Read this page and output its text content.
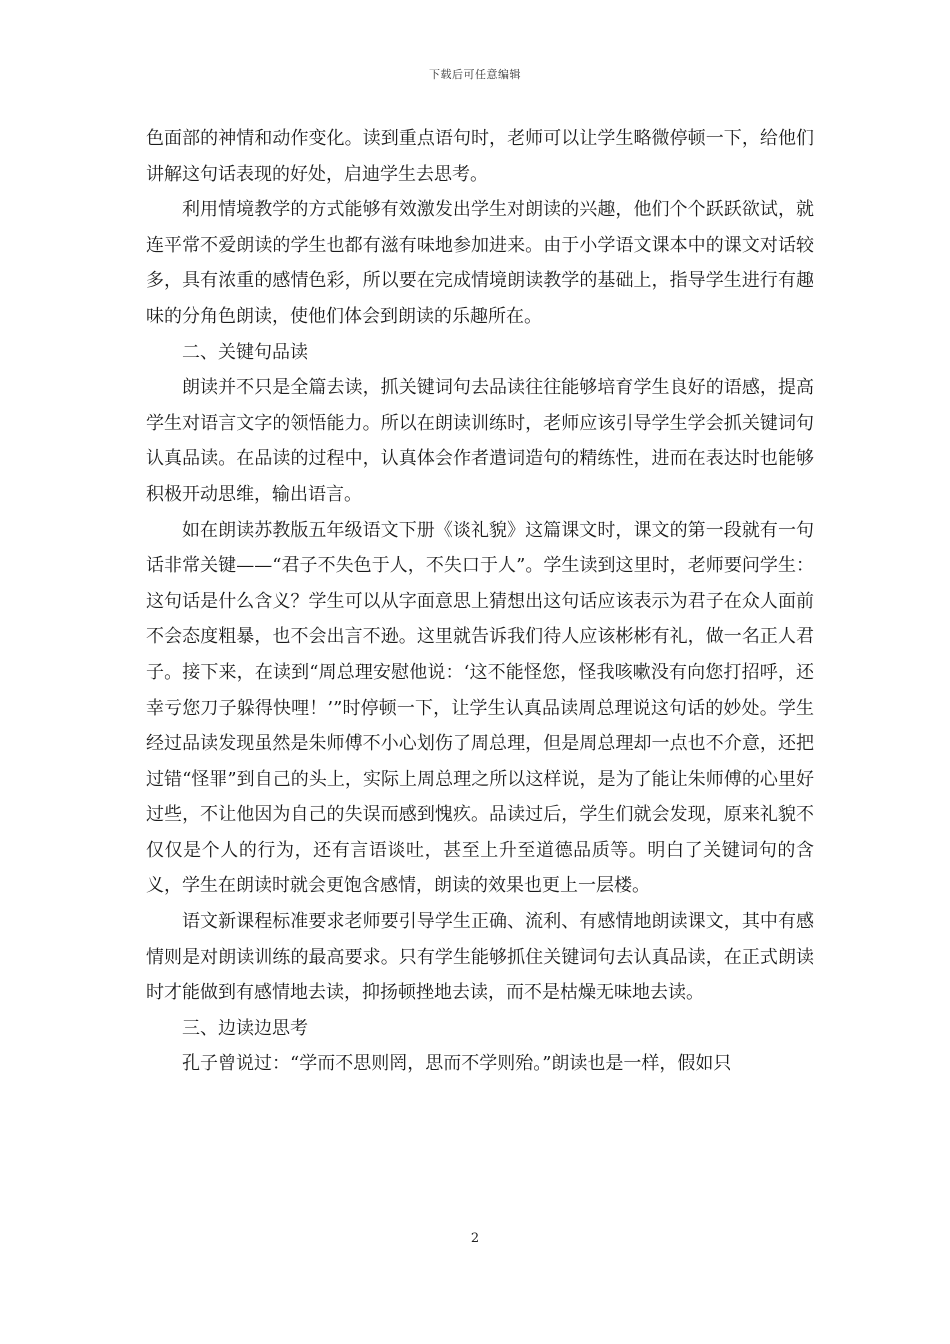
下载后可任意编辑

色面部的神情和动作变化。读到重点语句时，老师可以让学生略微停顿一下，给他们讲解这句话表现的好处，启迪学生去思考。

利用情境教学的方式能够有效激发出学生对朗读的兴趣，他们个个跃跃欲试，就连平常不爱朗读的学生也都有滋有味地参加进来。由于小学语文课本中的课文对话较多，具有浓重的感情色彩，所以要在完成情境朗读教学的基础上，指导学生进行有趣味的分角色朗读，使他们体会到朗读的乐趣所在。

二、关键句品读

朗读并不只是全篇去读，抓关键词句去品读往往能够培育学生良好的语感，提高学生对语言文字的领悟能力。所以在朗读训练时，老师应该引导学生学会抓关键词句认真品读。在品读的过程中，认真体会作者遣词造句的精练性，进而在表达时也能够积极开动思维，输出语言。

如在朗读苏教版五年级语文下册《谈礼貌》这篇课文时，课文的第一段就有一句话非常关键——“君子不失色于人，不失口于人”。学生读到这里时，老师要问学生：这句话是什么含义？学生可以从字面意思上猜想出这句话应该表示为君子在众人面前不会态度粗暴，也不会出言不逊。这里就告诉我们待人应该彬彬有礼，做一名正人君子。接下来，在读到“周总理安慰他说：‘这不能怪您，怪我咳嗽没有向您打招呼，还幸亏您刀子躲得快哩！’”时停顿一下，让学生认真品读周总理说这句话的妙处。学生经过品读发现虽然是朱师傅不小心划伤了周总理，但是周总理却一点也不介意，还把过错“怪罪”到自己的头上，实际上周总理之所以这样说，是为了能让朱师傅的心里好过些，不让他因为自己的失误而感到愧疚。品读过后，学生们就会发现，原来礼貌不仅仅是个人的行为，还有言语谈吐，甚至上升至道德品质等。明白了关键词句的含义，学生在朗读时就会更饱含感情，朗读的效果也更上一层楼。

语文新课程标准要求老师要引导学生正确、流利、有感情地朗读课文，其中有感情则是对朗读训练的最高要求。只有学生能够抓住关键词句去认真品读，在正式朗读时才能做到有感情地去读，抑扬顿挫地去读，而不是枯燥无味地去读。

三、边读边思考

孔子曾说过：“学而不思则罔，思而不学则殆。”朗读也是一样，假如只

2
